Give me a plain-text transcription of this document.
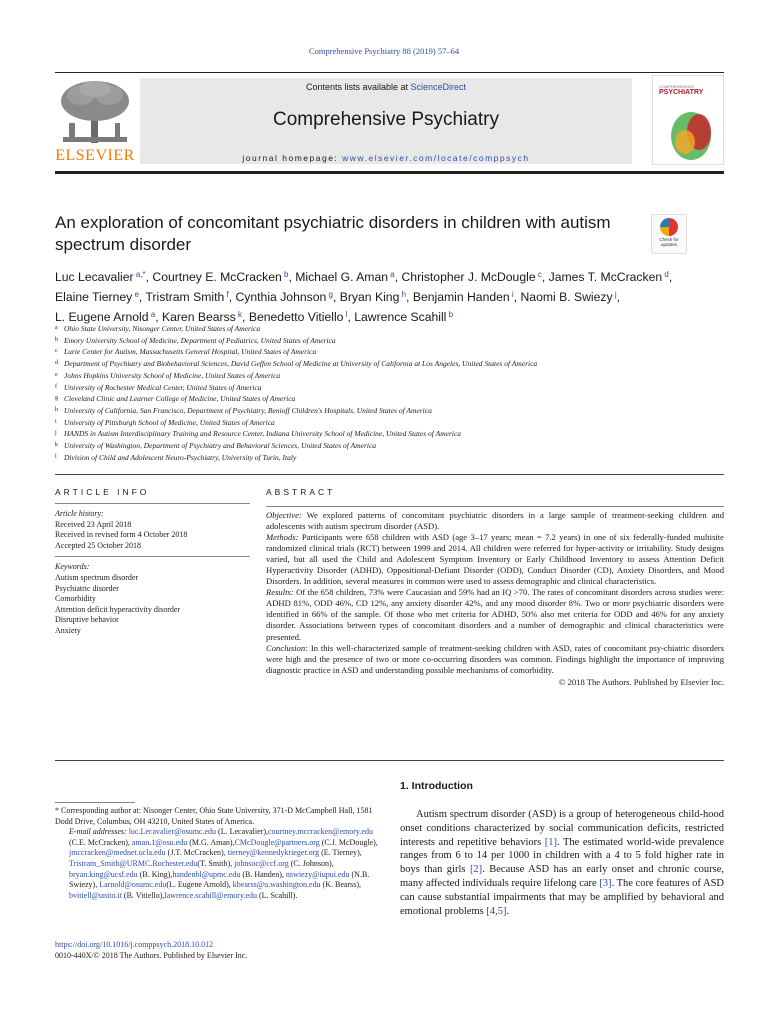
Comprehensive Psychiatry 88 (2019) 57–64
ELSEVIER
Contents lists available at ScienceDirect
Comprehensive Psychiatry
journal homepage: www.elsevier.com/locate/comppsych
COMPREHENSIVE
PSYCHIATRY
An exploration of concomitant psychiatric disorders in children with autism spectrum disorder	Check for updates
Luc Lecavalier $^{a,*}$, Courtney E. McCracken $^b$, Michael G. Aman $^a$, Christopher J. McDougle $^c$, James T. McCracken $^d$,
Elaine Tierney $^e$, Tristram Smith $^f$, Cynthia Johnson $^g$, Bryan King $^h$, Benjamin Handen $^i$, Naomi B. Swiezy $^j$,
L. Eugene Arnold $^a$, Karen Bearss $^k$, Benedetto Vitiello $^l$, Lawrence Scahill $^b$
a Ohio State University, Nisonger Center, United States of America
b Emory University School of Medicine, Department of Pediatrics, United States of America
c Lurie Center for Autism, Massachusetts General Hospital, United States of America
d Department of Psychiatry and Biobehavioral Sciences, David Geffen School of Medicine at University of California at Los Angeles, United States of America
e Johns Hopkins University School of Medicine, United States of America
f University of Rochester Medical Center, United States of America
g Cleveland Clinic and Learner College of Medicine, United States of America
h University of California, San Francisco, Department of Psychiatry, Benioff Children's Hospitals, United States of America
i University of Pittsburgh School of Medicine, United States of America
j HANDS in Autism Interdisciplinary Training and Resource Center, Indiana University School of Medicine, United States of America
k University of Washington, Department of Psychiatry and Behavioral Sciences, United States of America
l Division of Child and Adolescent Neuro-Psychiatry, University of Turin, Italy
ARTICLE INFO	ABSTRACT
Article history:
Received 23 April 2018
Received in revised form 4 October 2018
Accepted 25 October 2018
Keywords:
Autism spectrum disorder
Psychiatric disorder
Comorbidity
Attention deficit hyperactivity disorder
Disruptive behavior
Anxiety
Objective: We explored patterns of concomitant psychiatric disorders in a large sample of treatment-seeking children and adolescents with autism spectrum disorder (ASD).
Methods: Participants were 658 children with ASD (age 3–17 years; mean = 7.2 years) in one of six federally-funded multisite randomized clinical trials (RCT) between 1999 and 2014. All children were referred for hyper-activity or irritability. Study designs varied, but all used the Child and Adolescent Symptom Inventory or Early Childhood Inventory to assess Attention Deficit Hyperactivity Disorder (ADHD), Oppositional-Defiant Disorder (ODD), Conduct Disorder (CD), Anxiety Disorders, and Mood Disorders. In addition, several measures in common were used to assess demographic and clinical characteristics.
Results: Of the 658 children, 73% were Caucasian and 59% had an IQ >70. The rates of concomitant disorders across studies were: ADHD 81%, ODD 46%, CD 12%, any anxiety disorder 42%, and any mood disorder 8%. Two or more psychiatric disorders were identified in 66% of the sample. Of those who met criteria for ADHD, 50% also met criteria for ODD and 46% for any anxiety disorder. Associations between types of concomitant disorders and a number of demographic and clinical characteristics were presented.
Conclusion: In this well-characterized sample of treatment-seeking children with ASD, rates of concomitant psy-chiatric disorders were high and the presence of two or more co-occurring disorders was common. Findings highlight the importance of improving diagnostic practice in ASD and understanding possible mechanisms of comorbidity.
© 2018 The Authors. Published by Elsevier Inc.
* Corresponding author at: Nisonger Center, Ohio State University, 371-D McCampbell Hall, 1581 Dodd Drive, Columbus, OH 43210, United States of America.
E-mail addresses: luc.Lecavalier@osumc.edu (L. Lecavalier),courtney.mccracken@emory.edu (C.E. McCracken), aman.1@osu.edu (M.G. Aman),CMcDougle@partners.org (C.J. McDougle), jmccracken@mednet.ucla.edu (J.T. McCracken), tierney@kennedykrieger.org (E. Tierney), Tristram_Smith@URMC.Rochester.edu(T. Smith), johnsoc@ccf.org (C. Johnson), bryan.king@ucsf.edu (B. King),handenbl@upmc.edu (B. Handen), nswiezy@iupui.edu (N.B. Swiezy), Larnold@osumc.edu(L. Eugene Arnold), kbearss@u.washington.edu (K. Bearss), bvitiell@unito.it (B. Vitiello),lawrence.scahill@emory.edu (L. Scahill).
https://doi.org/10.1016/j.comppsych.2018.10.012
0010-440X/© 2018 The Authors. Published by Elsevier Inc.
1. Introduction
Autism spectrum disorder (ASD) is a group of heterogeneous child-hood onset conditions characterized by social communication deficits, restricted interests and repetitive behaviors [1]. The estimated world-wide prevalence ranges from 6 to 14 per 1000 in children with a 4 to 5 fold higher rate in boys than girls [2]. Because ASD has an early onset and chronic course, many affected individuals require lifelong care [3]. The core features of ASD can cause substantial impairments that may be amplified by behavioral and emotional problems [4,5].
